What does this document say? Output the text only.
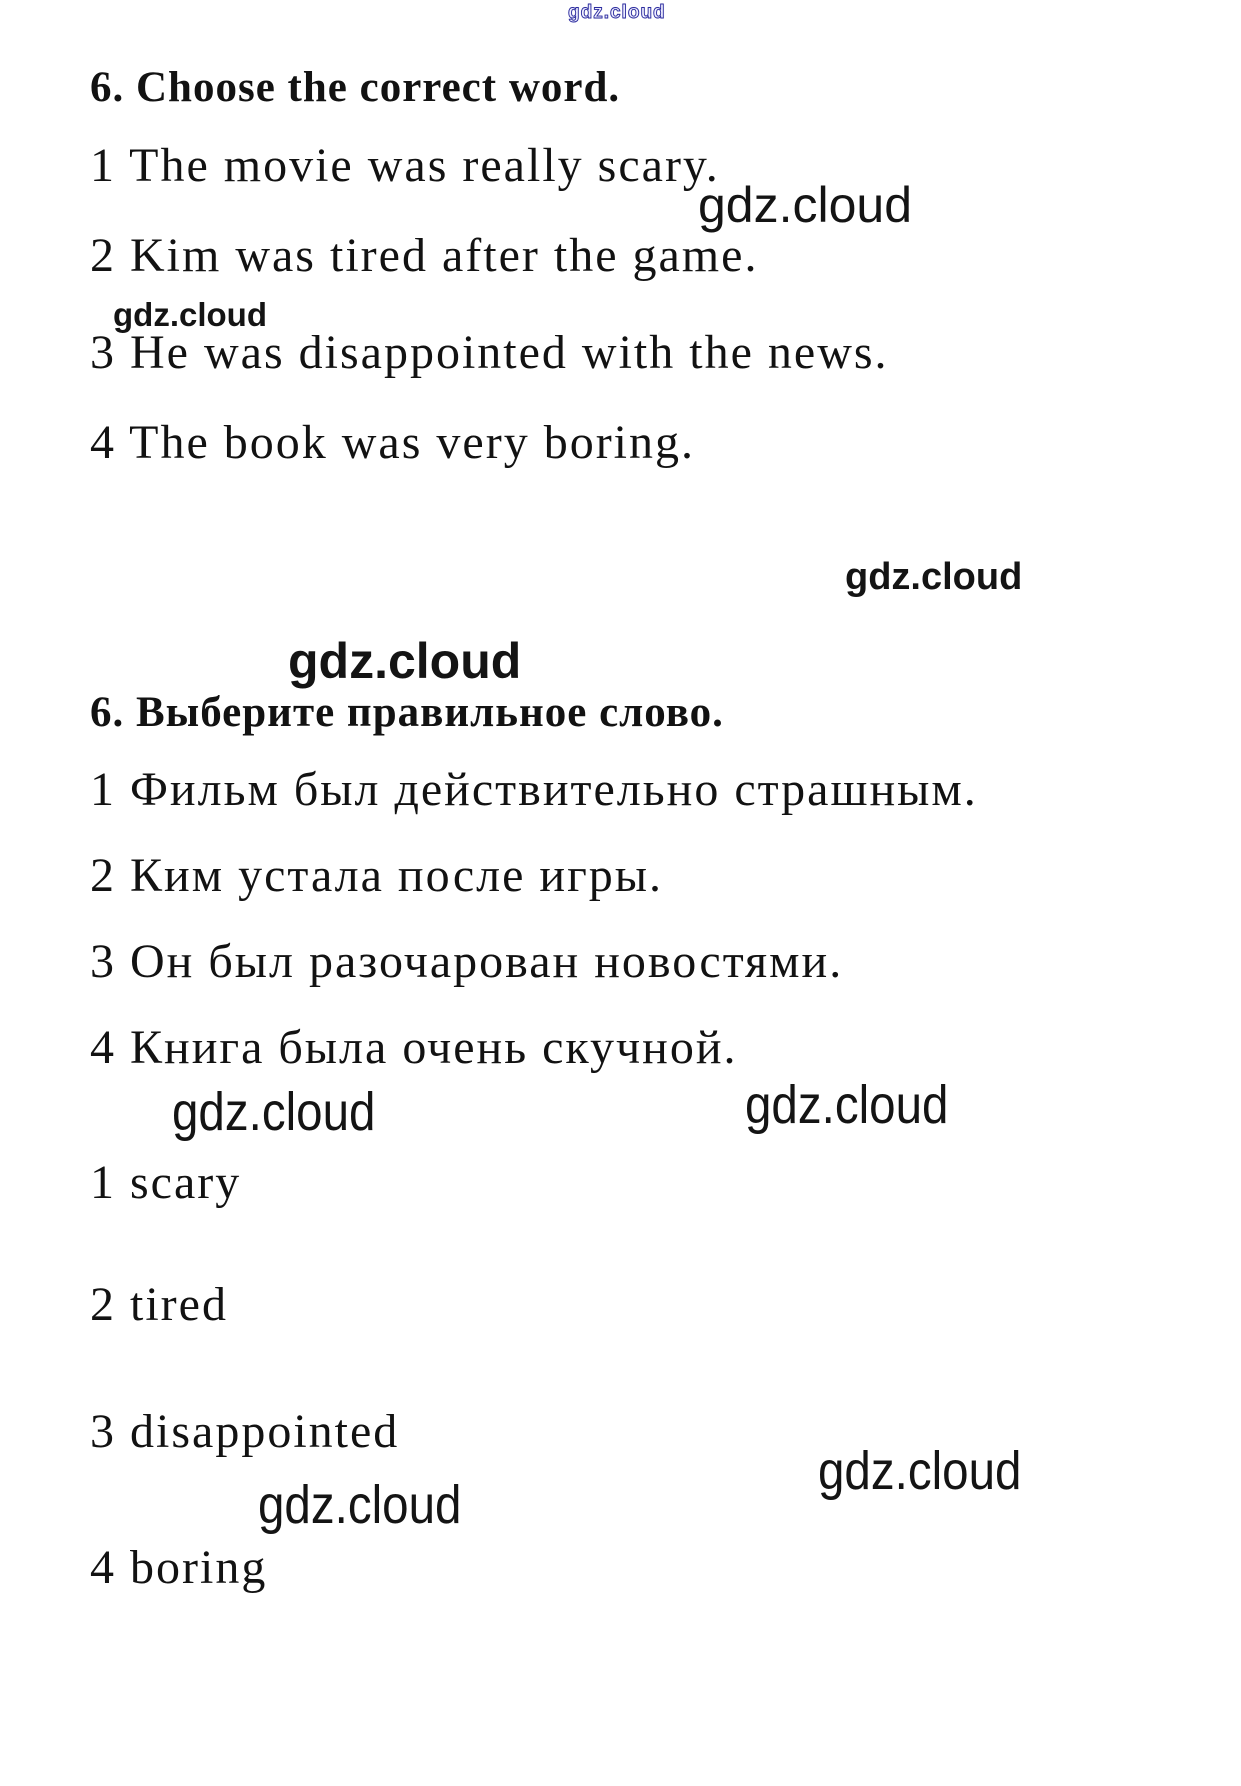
gdz.cloud
gdz.cloud
gdz.cloud
gdz.cloud
gdz.cloud
gdz.cloud	gdz.cloud
gdz.cloud
gdz.cloud
6. Choose the correct word.
1 The movie was really scary.
2 Kim was tired after the game.
3 He was disappointed with the news.
4 The book was very boring.
6. Выберите правильное слово.
1 Фильм был действительно страшным.
2 Ким устала после игры.
3 Он был разочарован новостями.
4 Книга была очень скучной.
1 scary
2 tired
3 disappointed
4 boring
